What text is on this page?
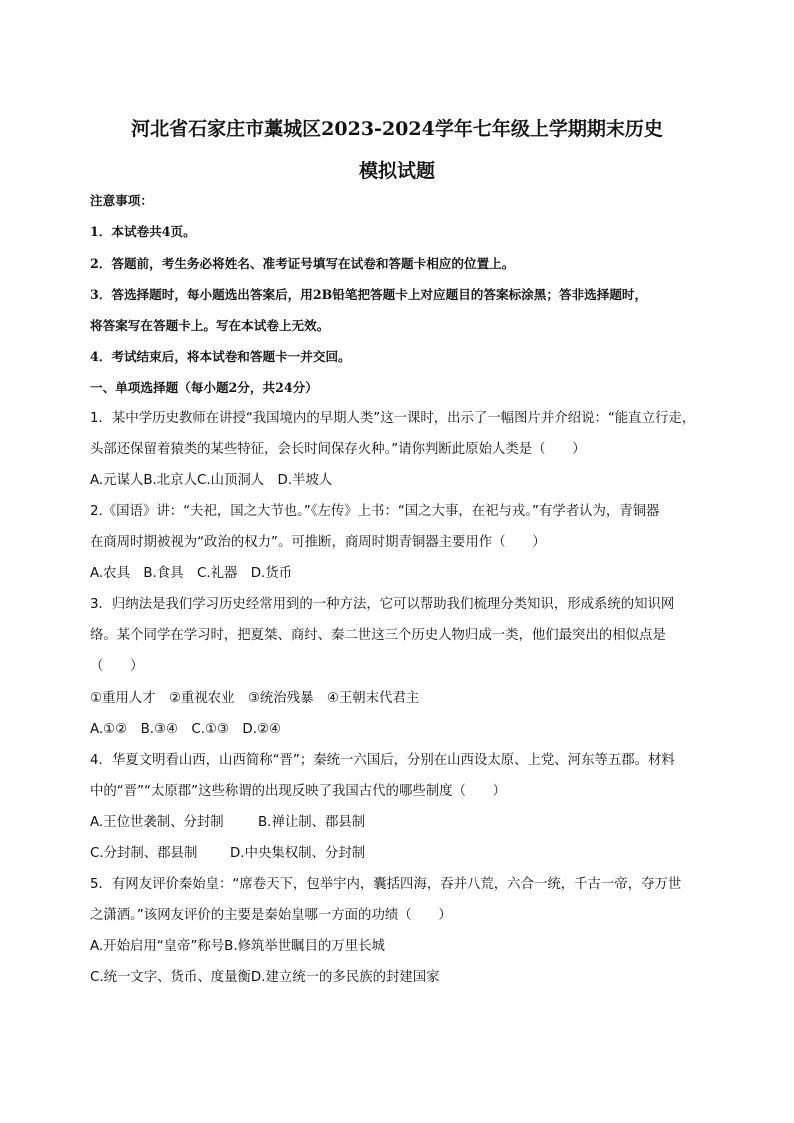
河北省石家庄市藁城区2023-2024学年七年级上学期期末历史
模拟试题
注意事项：
1．本试卷共4页。
2．答题前，考生务必将姓名、准考证号填写在试卷和答题卡相应的位置上。
3．答选择题时，每小题选出答案后，用2B铅笔把答题卡上对应题目的答案标涂黑；答非选择题时，
将答案写在答题卡上。写在本试卷上无效。
4．考试结束后，将本试卷和答题卡一并交回。
一、单项选择题（每小题2分，共24分）
1．某中学历史教师在讲授“我国境内的早期人类”这一课时，出示了一幅图片并介绍说：“能直立行走，
头部还保留着猿类的某些特征，会长时间保存火种。”请你判断此原始人类是（　　）
A.元谋人B.北京人C.山顶洞人　D.半坡人
2.《国语》讲：“夫祀，国之大节也。”《左传》上书：“国之大事，在祀与戎。”有学者认为，青铜器
在商周时期被视为“政治的权力”。可推断，商周时期青铜器主要用作（　　）
A.农具　B.食具　C.礼器　D.货币
3．归纳法是我们学习历史经常用到的一种方法，它可以帮助我们梳理分类知识，形成系统的知识网
络。某个同学在学习时，把夏桀、商纣、秦二世这三个历史人物归成一类，他们最突出的相似点是
（　　）
①重用人才　②重视农业　③统治残暴　④王朝末代君主
A.①②　B.③④　C.①③　D.②④
4．华夏文明看山西，山西简称“晋”；秦统一六国后，分别在山西设太原、上党、河东等五郡。材料
中的“晋”“太原郡”这些称谓的出现反映了我国古代的哪些制度（　　）
A.王位世袭制、分封制	B.禅让制、郡县制
C.分封制、郡县制 D.中央集权制、分封制
5．有网友评价秦始皇：“席卷天下，包举宇内，囊括四海，吞并八荒，六合一统，千古一帝，夺万世
之潇洒。”该网友评价的主要是秦始皇哪一方面的功绩（　　）
A.开始启用“皇帝”称号B.修筑举世瞩目的万里长城
C.统一文字、货币、度量衡D.建立统一的多民族的封建国家
